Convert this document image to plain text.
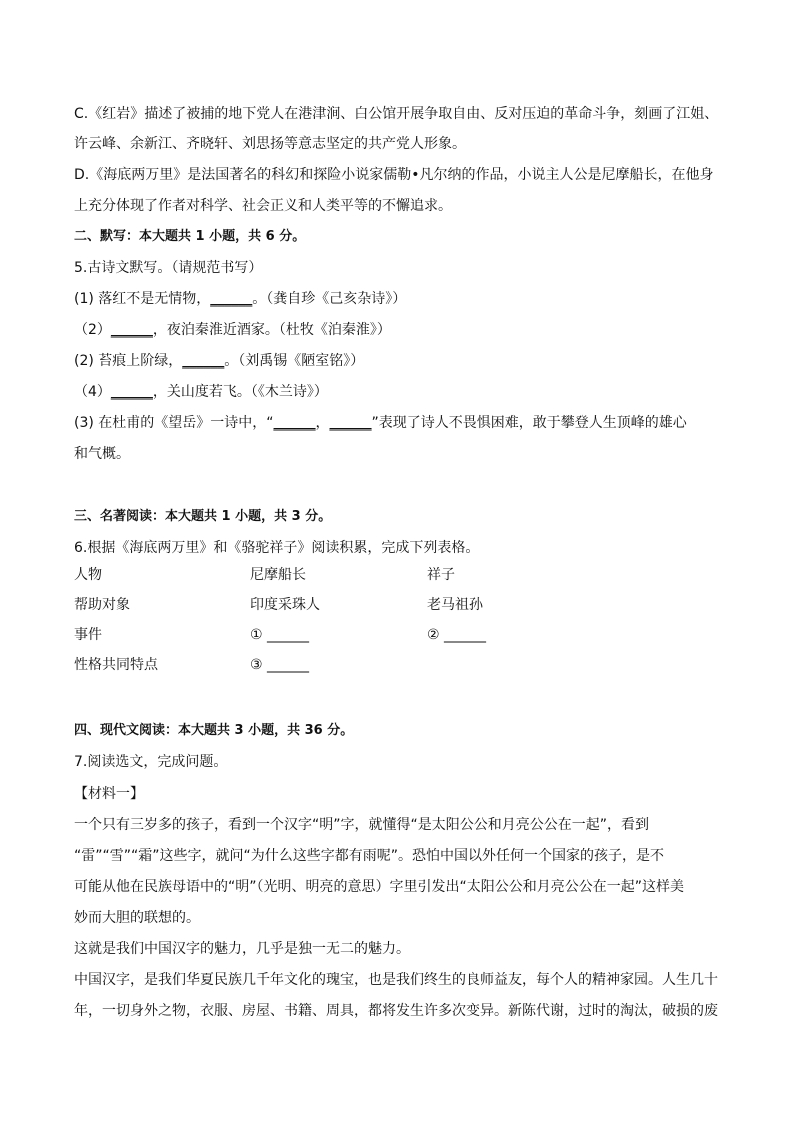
C.《红岩》描述了被捕的地下党人在港津涧、白公馆开展争取自由、反对压迫的革命斗争，刻画了江姐、
许云峰、余新江、齐晓轩、刘思扬等意志坚定的共产党人形象。
D.《海底两万里》是法国著名的科幻和探险小说家儒勒•凡尔纳的作品，小说主人公是尼摩船长，在他身
上充分体现了作者对科学、社会正义和人类平等的不懈追求。
二、默写：本大题共 1 小题，共 6 分。
5.古诗文默写。（请规范书写）
(1) 落红不是无情物，______。（龚自珍《己亥杂诗》）
（2）______，夜泊秦淮近酒家。（杜牧《泊秦淮》）
(2) 苔痕上阶绿，______。（刘禹锡《陋室铭》）
（4）______，关山度若飞。（《木兰诗》）
(3) 在杜甫的《望岳》一诗中，“______，______”表现了诗人不畏惧困难，敢于攀登人生顶峰的雄心
和气概。
三、名著阅读：本大题共 1 小题，共 3 分。
6.根据《海底两万里》和《骆驼祥子》阅读积累，完成下列表格。
人物	尼摩船长	祥子
帮助对象	印度采珠人	老马祖孙
事件	① ______	② ______
性格共同特点	③ ______
四、现代文阅读：本大题共 3 小题，共 36 分。
7.阅读选文，完成问题。
【材料一】
一个只有三岁多的孩子，看到一个汉字“明”字，就懂得“是太阳公公和月亮公公在一起”，看到
“雷”“雪”“霜”这些字，就问“为什么这些字都有雨呢”。恐怕中国以外任何一个国家的孩子，是不
可能从他在民族母语中的“明”（光明、明亮的意思）字里引发出“太阳公公和月亮公公在一起”这样美
妙而大胆的联想的。
这就是我们中国汉字的魅力，几乎是独一无二的魅力。
中国汉字，是我们华夏民族几千年文化的瑰宝，也是我们终生的良师益友，每个人的精神家园。人生几十
年，一切身外之物，衣服、房屋、书籍、周具，都将发生许多次变异。新陈代谢，过时的淘汰，破损的废
